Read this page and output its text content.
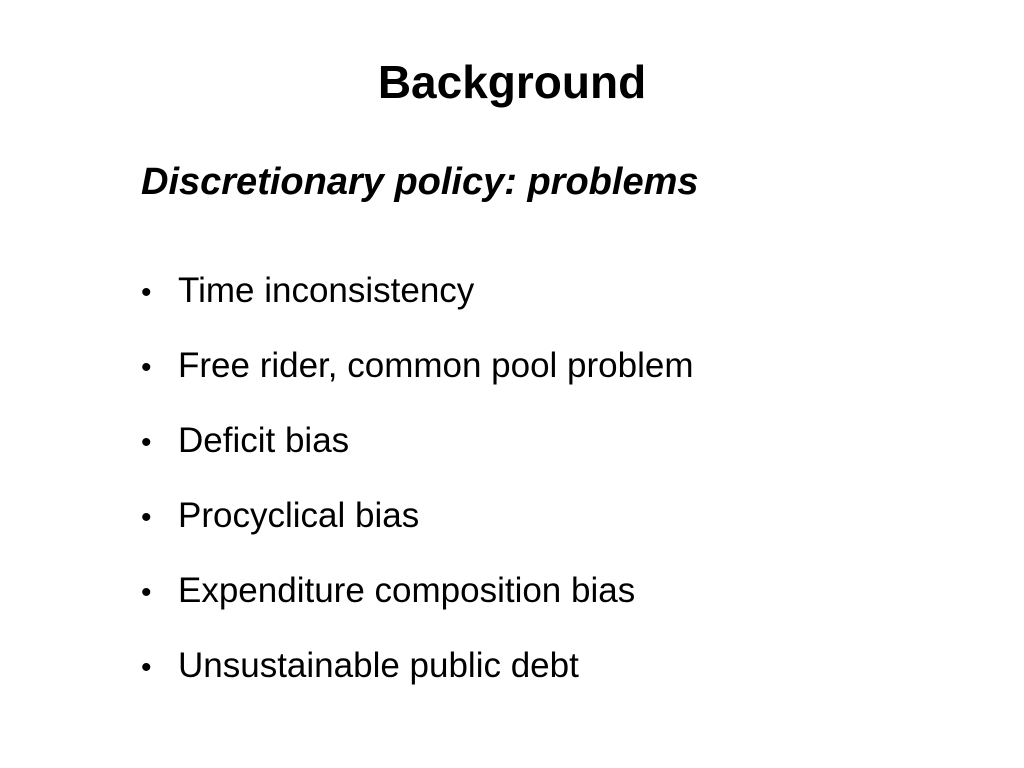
Background
Discretionary policy: problems
• Time inconsistency
• Free rider, common pool problem
• Deficit bias
• Procyclical bias
• Expenditure composition bias
• Unsustainable public debt
